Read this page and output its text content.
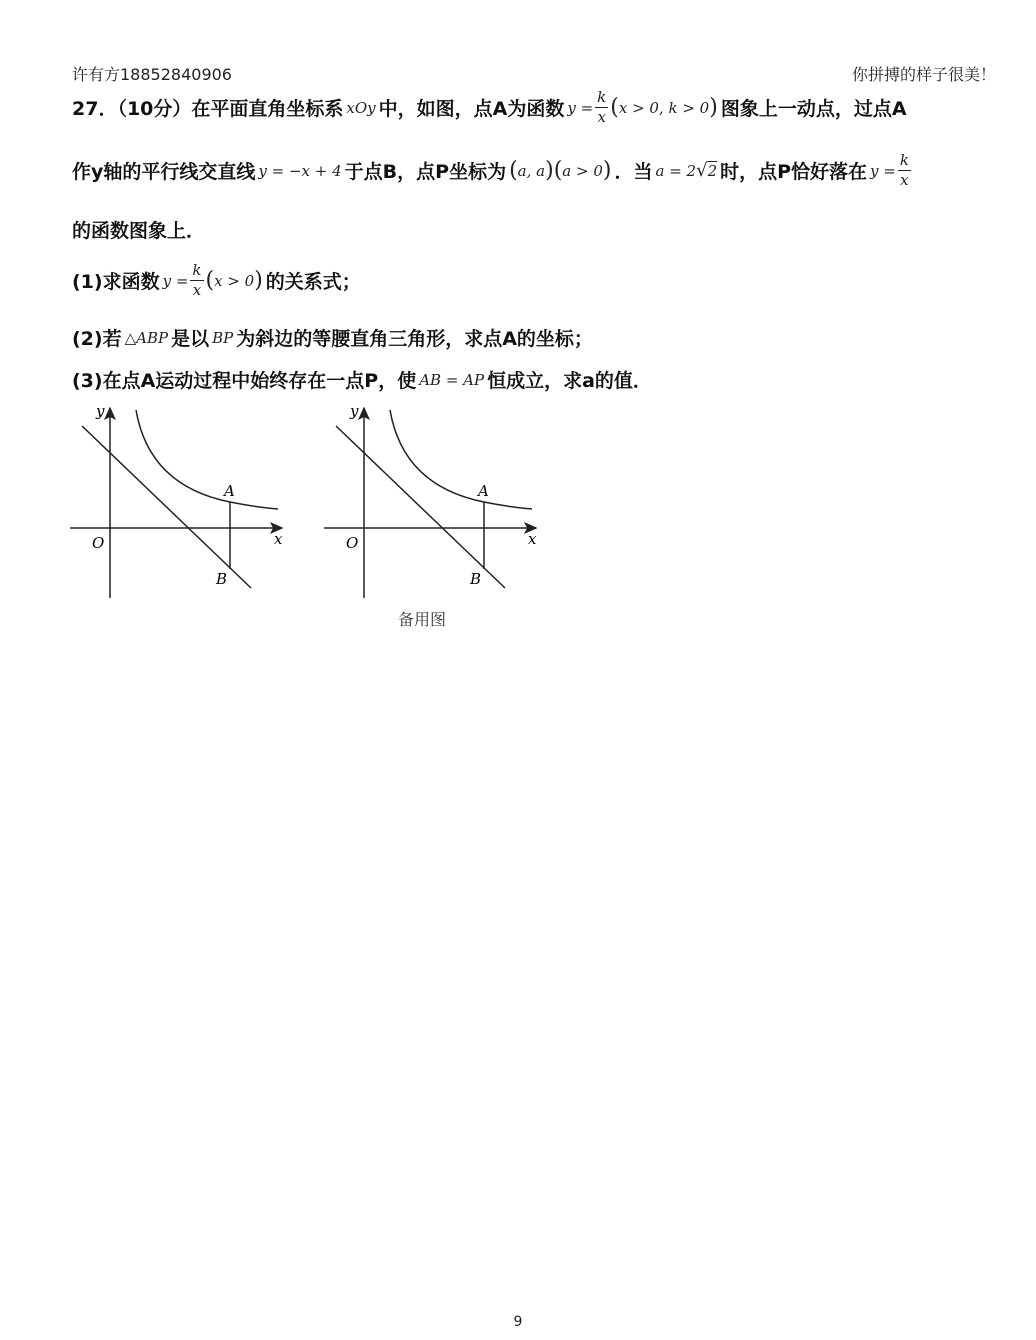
许有方18852840906	你拼搏的样子很美！
27．（10分）在平面直角坐标系 xOy 中，如图，点A为函数 $y = \frac{k}{x}$ ( x > 0, k > 0 ) 图象上一动点，过点A
作y轴的平行线交直线 y = −x + 4 于点B，点P坐标为 ( a, a ) ( a > 0 ) ．当 a = 2 √ 2 时，点P恰好落在 $y = \frac{k}{x}$
的函数图象上．
(1)求函数 $y = \frac{k}{x}$ ( x > 0 ) 的关系式；
(2)若 △ABP 是以 BP 为斜边的等腰直角三角形，求点A的坐标；
(3)在点A运动过程中始终存在一点P，使 AB = AP 恒成立，求a的值．
y
x
O
A
B
y
x
O
A
B
备用图
9
